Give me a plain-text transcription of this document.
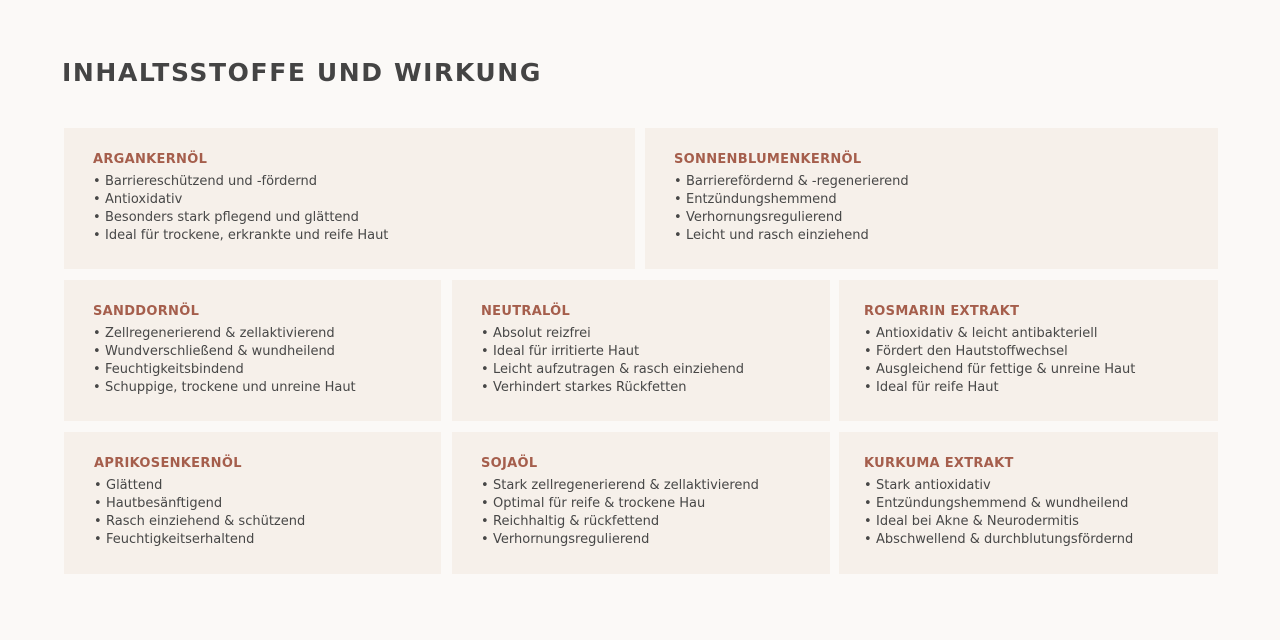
INHALTSSTOFFE UND WIRKUNG
ARGANKERNÖL
• Barriereschützend und -fördernd
• Antioxidativ
• Besonders stark pflegend und glättend
• Ideal für trockene, erkrankte und reife Haut
SONNENBLUMENKERNÖL
• Barrierefördernd & -regenerierend
• Entzündungshemmend
• Verhornungsregulierend
• Leicht und rasch einziehend
SANDDORNÖL
• Zellregenerierend & zellaktivierend
• Wundverschließend & wundheilend
• Feuchtigkeitsbindend
• Schuppige, trockene und unreine Haut
NEUTRALÖL
• Absolut reizfrei
• Ideal für irritierte Haut
• Leicht aufzutragen & rasch einziehend
• Verhindert starkes Rückfetten
ROSMARIN EXTRAKT
• Antioxidativ & leicht antibakteriell
• Fördert den Hautstoffwechsel
• Ausgleichend für fettige & unreine Haut
• Ideal für reife Haut
APRIKOSENKERNÖL
• Glättend
• Hautbesänftigend
• Rasch einziehend & schützend
• Feuchtigkeitserhaltend
SOJAÖL
• Stark zellregenerierend & zellaktivierend
• Optimal für reife & trockene Hau
• Reichhaltig & rückfettend
• Verhornungsregulierend
KURKUMA EXTRAKT
• Stark antioxidativ
• Entzündungshemmend & wundheilend
• Ideal bei Akne & Neurodermitis
• Abschwellend & durchblutungsfördernd
